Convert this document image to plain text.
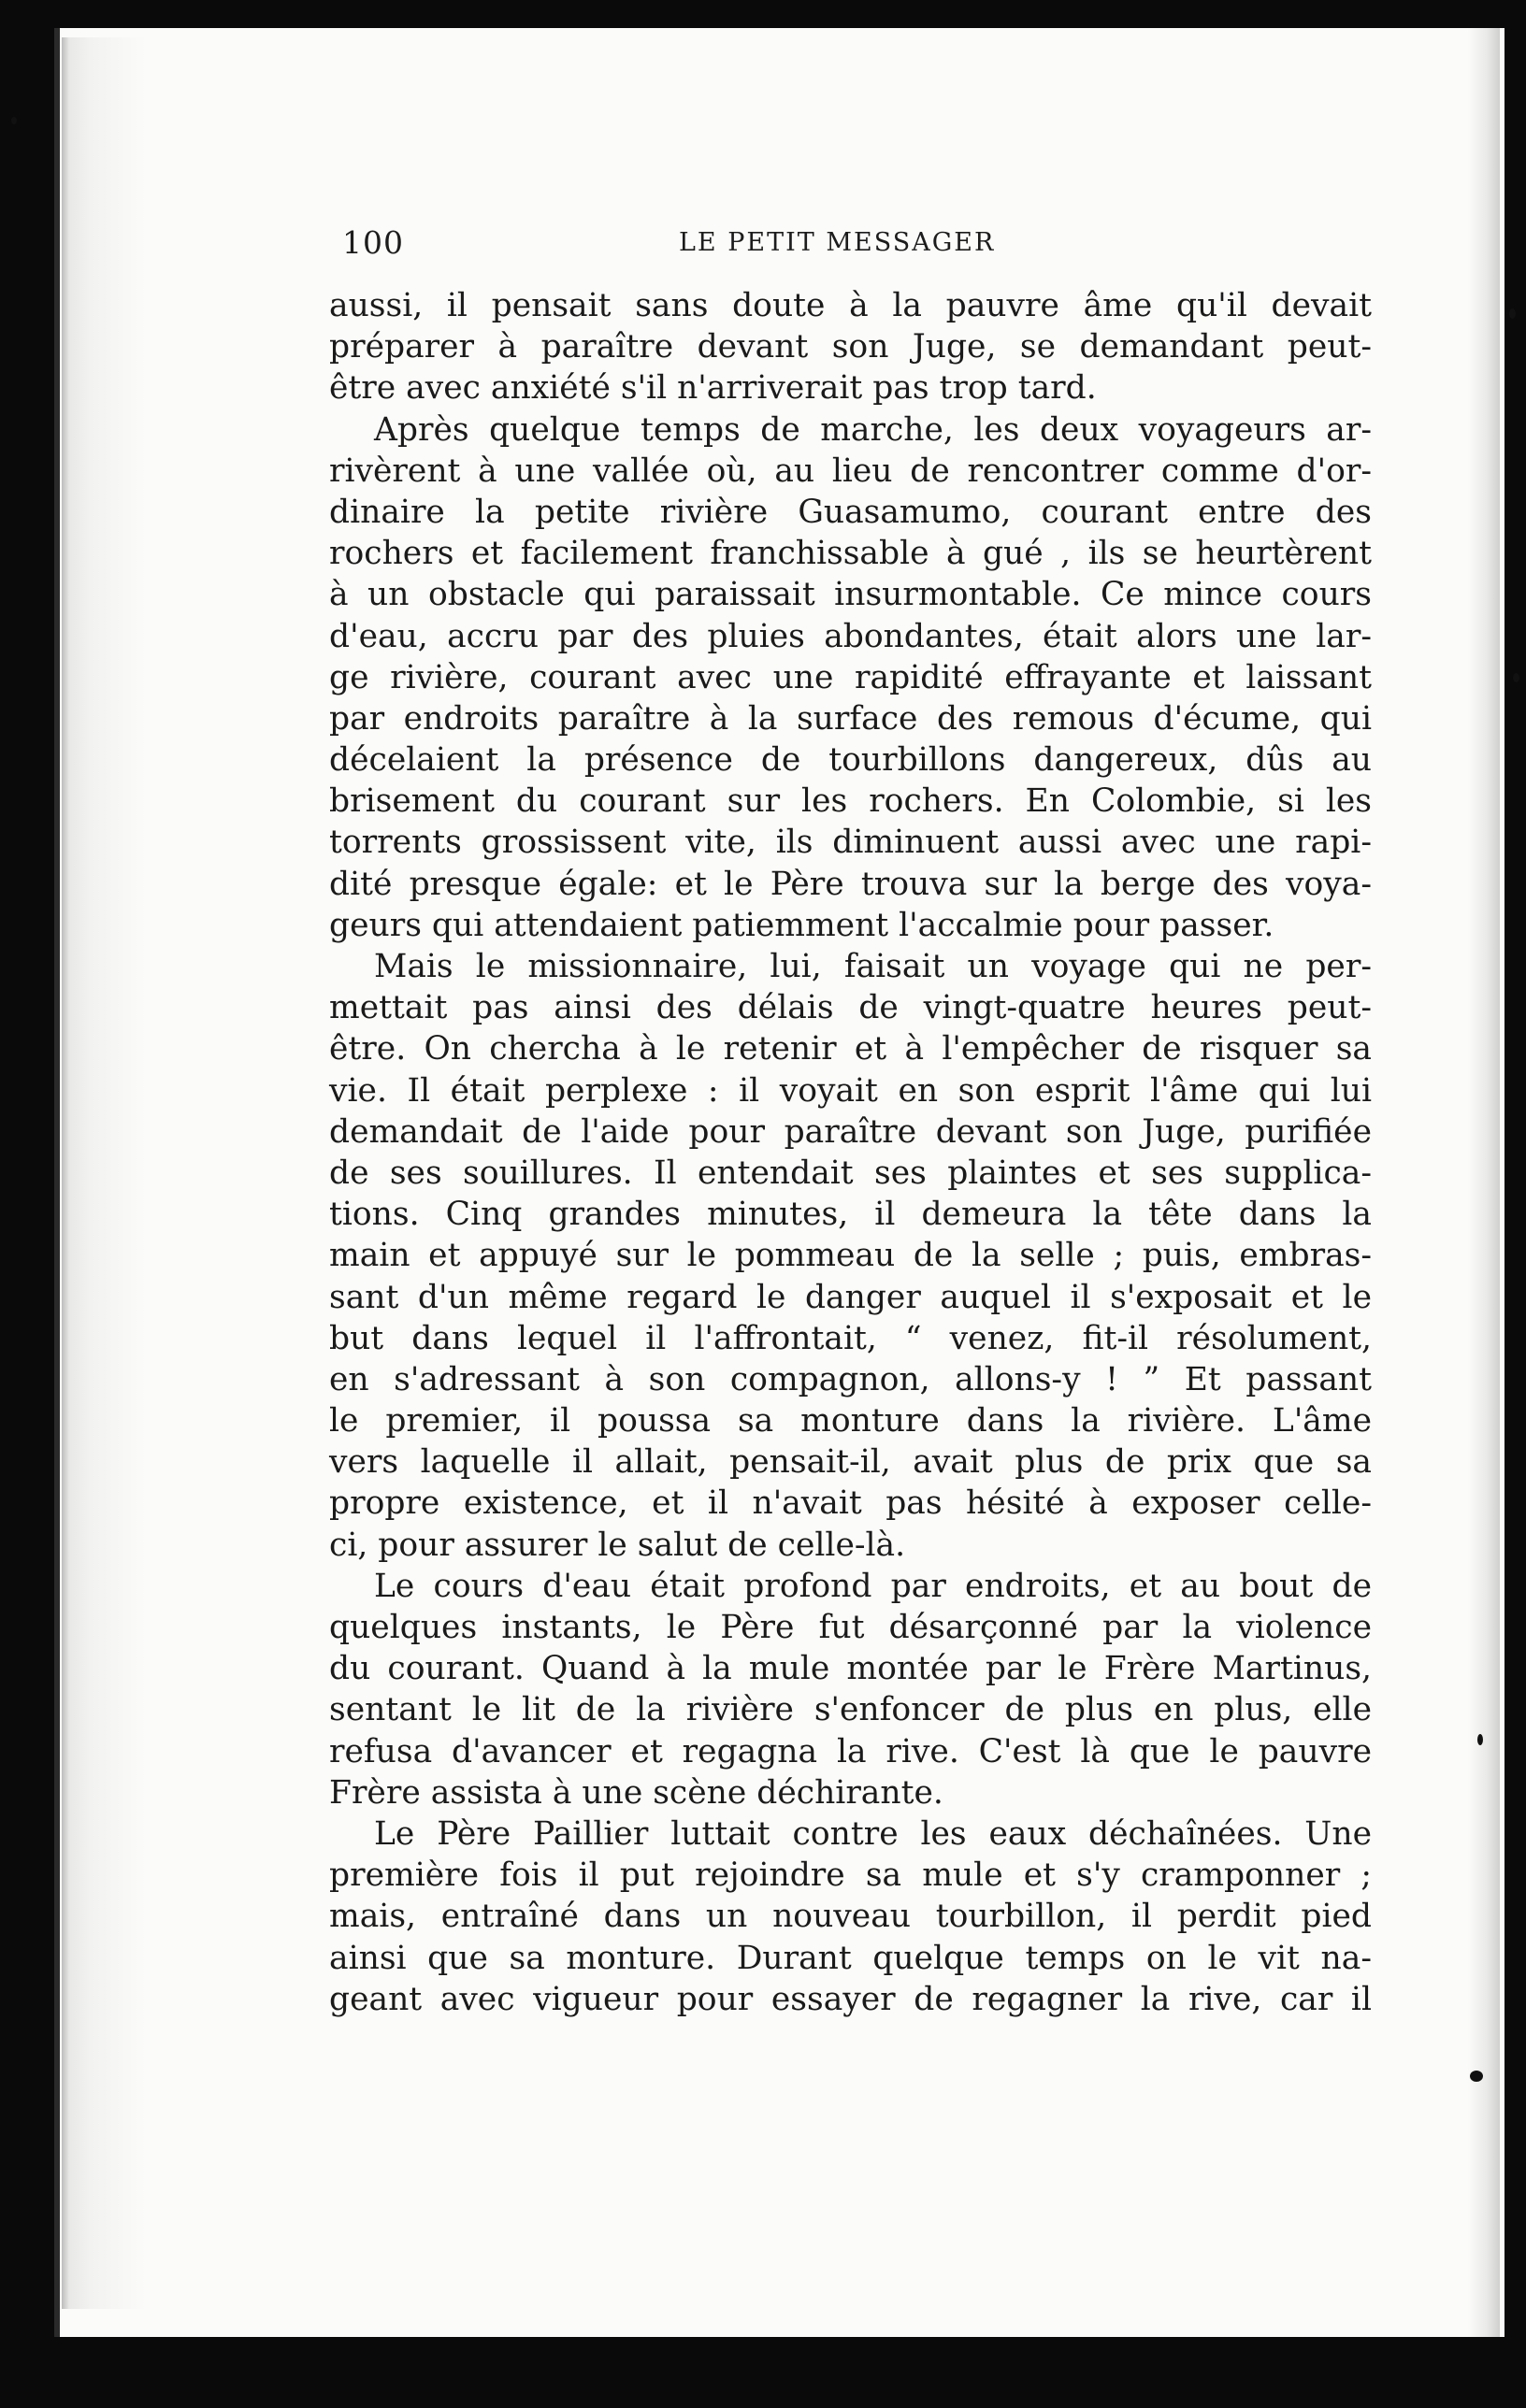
100	LE PETIT MESSAGER
aussi, il pensait sans doute à la pauvre âme qu'il devait
préparer à paraître devant son Juge, se demandant peut-
être avec anxiété s'il n'arriverait pas trop tard.
Après quelque temps de marche, les deux voyageurs ar-
rivèrent à une vallée où, au lieu de rencontrer comme d'or-
dinaire la petite rivière Guasamumo, courant entre des
rochers et facilement franchissable à gué , ils se heurtèrent
à un obstacle qui paraissait insurmontable. Ce mince cours
d'eau, accru par des pluies abondantes, était alors une lar-
ge rivière, courant avec une rapidité effrayante et laissant
par endroits paraître à la surface des remous d'écume, qui
décelaient la présence de tourbillons dangereux, dûs au
brisement du courant sur les rochers. En Colombie, si les
torrents grossissent vite, ils diminuent aussi avec une rapi-
dité presque égale: et le Père trouva sur la berge des voya-
geurs qui attendaient patiemment l'accalmie pour passer.
Mais le missionnaire, lui, faisait un voyage qui ne per-
mettait pas ainsi des délais de vingt-quatre heures peut-
être. On chercha à le retenir et à l'empêcher de risquer sa
vie. Il était perplexe : il voyait en son esprit l'âme qui lui
demandait de l'aide pour paraître devant son Juge, purifiée
de ses souillures. Il entendait ses plaintes et ses supplica-
tions. Cinq grandes minutes, il demeura la tête dans la
main et appuyé sur le pommeau de la selle ; puis, embras-
sant d'un même regard le danger auquel il s'exposait et le
but dans lequel il l'affrontait, “ venez, fit-il résolument,
en s'adressant à son compagnon, allons-y ! ” Et passant
le premier, il poussa sa monture dans la rivière. L'âme
vers laquelle il allait, pensait-il, avait plus de prix que sa
propre existence, et il n'avait pas hésité à exposer celle-
ci, pour assurer le salut de celle-là.
Le cours d'eau était profond par endroits, et au bout de
quelques instants, le Père fut désarçonné par la violence
du courant. Quand à la mule montée par le Frère Martinus,
sentant le lit de la rivière s'enfoncer de plus en plus, elle
refusa d'avancer et regagna la rive. C'est là que le pauvre
Frère assista à une scène déchirante.
Le Père Paillier luttait contre les eaux déchaînées. Une
première fois il put rejoindre sa mule et s'y cramponner ;
mais, entraîné dans un nouveau tourbillon, il perdit pied
ainsi que sa monture. Durant quelque temps on le vit na-
geant avec vigueur pour essayer de regagner la rive, car il
